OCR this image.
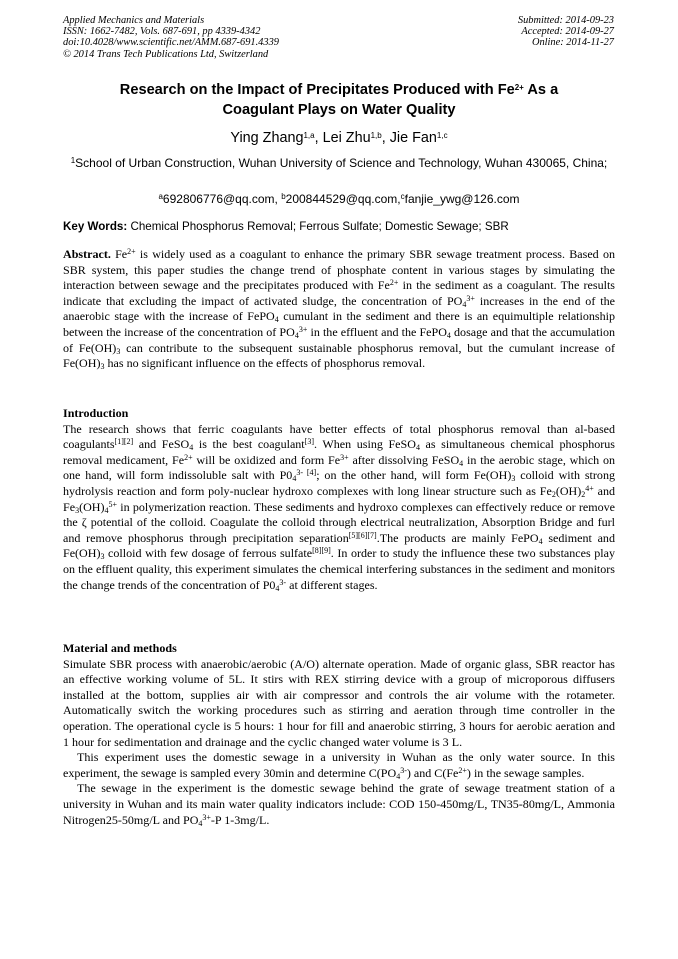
Applied Mechanics and Materials
ISSN: 1662-7482, Vols. 687-691, pp 4339-4342
doi:10.4028/www.scientific.net/AMM.687-691.4339
© 2014 Trans Tech Publications Ltd, Switzerland
Submitted: 2014-09-23
Accepted: 2014-09-27
Online: 2014-11-27
Research on the Impact of Precipitates Produced with $Fe^{2+}$ As a
Coagulant Plays on Water Quality
Ying Zhang$^{1,a}$, Lei Zhu$^{1,b}$, Jie Fan$^{1,c}$
$^1$School of Urban Construction, Wuhan University of Science and Technology, Wuhan 430065, China;
$^a$692806776@qq.com, $^b$200844529@qq.com,$^c$fanjie_ywg@126.com
Key Words: Chemical Phosphorus Removal; Ferrous Sulfate; Domestic Sewage; SBR

Abstract. $Fe^{2+}$ is widely used as a coagulant to enhance the primary SBR sewage treatment process. Based on SBR system, this paper studies the change trend of phosphate content in various stages by simulating the interaction between sewage and the precipitates produced with $Fe^{2+}$ in the sediment as a coagulant. The results indicate that excluding the impact of activated sludge, the concentration of $PO_4^{3+}$ increases in the end of the anaerobic stage with the increase of FePO$_4$ cumulant in the sediment and there is an equimultiple relationship between the increase of the concentration of $PO_4^{3+}$ in the effluent and the FePO$_4$ dosage and that the accumulation of $Fe(OH)_3$ can contribute to the subsequent sustainable phosphorus removal, but the cumulant increase of $Fe(OH)_3$ has no significant influence on the effects of phosphorus removal.

Introduction

The research shows that ferric coagulants have better effects of total phosphorus removal than al-based coagulants[1][2] and FeSO$_4$ is the best coagulant[3]. When using FeSO$_4$ as simultaneous chemical phosphorus removal medicament, $Fe^{2+}$ will be oxidized and form $Fe^{3+}$ after dissolving FeSO$_4$ in the aerobic stage, which on one hand, will form indissoluble salt with $P0_4^{3- [4]}$; on the other hand, will form $Fe(OH)_3$ colloid with strong hydrolysis reaction and form poly-nuclear hydroxo complexes with long linear structure such as $Fe_2(OH)_2^{4+}$ and $Fe_3(OH)_4^{5+}$ in polymerization reaction. These sediments and hydroxo complexes can effectively reduce or remove the ζ potential of the colloid. Coagulate the colloid through electrical neutralization, Absorption Bridge and furl and remove phosphorus through precipitation separation[5][6][7].The products are mainly FePO$_4$ sediment and $Fe(OH)_3$ colloid with few dosage of ferrous sulfate[8][9]. In order to study the influence these two substances play on the effluent quality, this experiment simulates the chemical interfering substances in the sediment and monitors the change trends of the concentration of $P0_4^{3-}$ at different stages.

Material and methods

Simulate SBR process with anaerobic/aerobic (A/O) alternate operation. Made of organic glass, SBR reactor has an effective working volume of 5L. It stirs with REX stirring device with a group of microporous diffusers installed at the bottom, supplies air with air compressor and controls the air volume with the rotameter. Automatically switch the working procedures such as stirring and aeration through time controller in the operation. The operational cycle is 5 hours: 1 hour for fill and anaerobic stirring, 3 hours for aerobic aeration and 1 hour for sedimentation and drainage and the cyclic changed water volume is 3 L.

This experiment uses the domestic sewage in a university in Wuhan as the only water source. In this experiment, the sewage is sampled every 30min and determine $C(PO_4^{3-})$ and $C(Fe^{2+})$ in the sewage samples.

The sewage in the experiment is the domestic sewage behind the grate of sewage treatment station of a university in Wuhan and its main water quality indicators include: COD 150-450mg/L, TN35-80mg/L, Ammonia Nitrogen25-50mg/L and $PO_4^{3+}-P$ 1-3mg/L.
